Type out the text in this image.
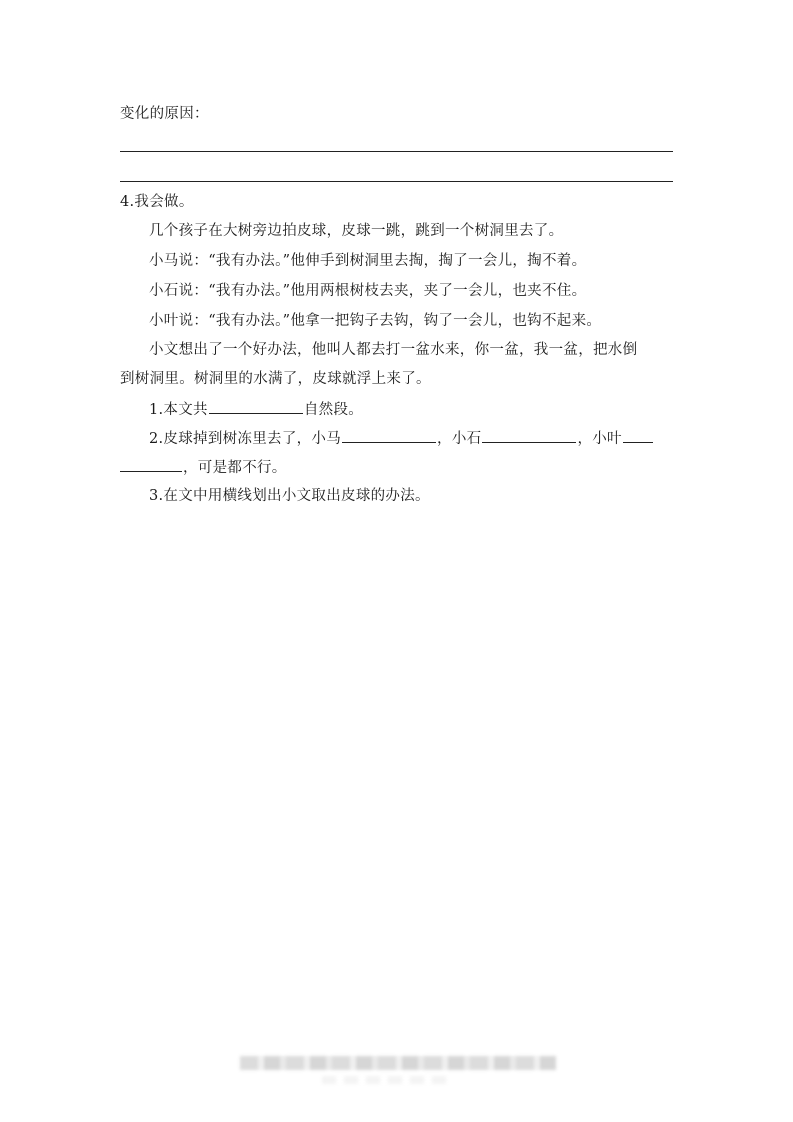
变化的原因：
4.我会做。
几个孩子在大树旁边拍皮球，皮球一跳，跳到一个树洞里去了。
小马说：“我有办法。”他伸手到树洞里去掏，掏了一会儿，掏不着。
小石说：“我有办法。”他用两根树枝去夹，夹了一会儿，也夹不住。
小叶说：“我有办法。”他拿一把钩子去钩，钩了一会儿，也钩不起来。
小文想出了一个好办法，他叫人都去打一盆水来，你一盆，我一盆，把水倒
到树洞里。树洞里的水满了，皮球就浮上来了。
1.本文共	自然段。
2.皮球掉到树冻里去了，小马	，小石	，小叶
，可是都不行。
3.在文中用横线划出小文取出皮球的办法。
